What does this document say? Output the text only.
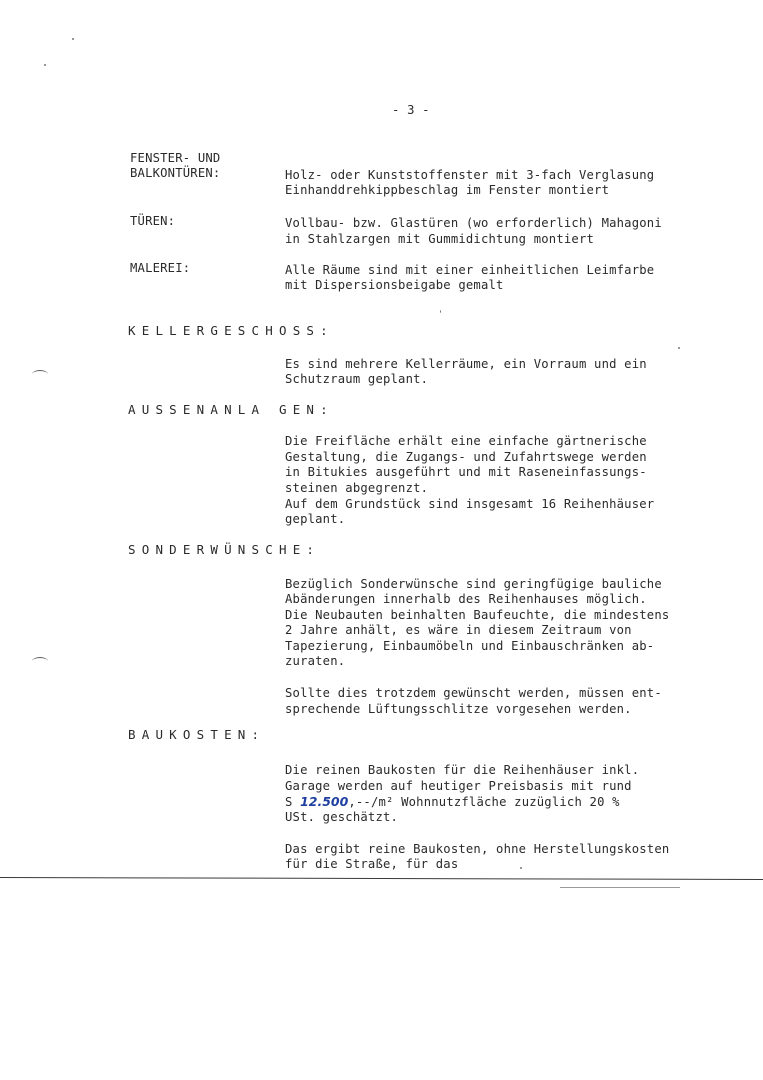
- 3 -
FENSTER- UND
BALKONTÜREN:	Holz- oder Kunststoffenster mit 3-fach Verglasung
Einhanddrehkippbeschlag im Fenster montiert
TÜREN:	Vollbau- bzw. Glastüren (wo erforderlich) Mahagoni
in Stahlzargen mit Gummidichtung montiert
MALEREI:	Alle Räume sind mit einer einheitlichen Leimfarbe
mit Dispersionsbeigabe gemalt
KELLERGESCHOSS:
Es sind mehrere Kellerräume, ein Vorraum und ein
Schutzraum geplant.
AUSSENANLA GEN:
Die Freifläche erhält eine einfache gärtnerische
Gestaltung, die Zugangs- und Zufahrtswege werden
in Bitukies ausgeführt und mit Raseneinfassungs-
steinen abgegrenzt.
Auf dem Grundstück sind insgesamt 16 Reihenhäuser
geplant.
SONDERWÜNSCHE:
Bezüglich Sonderwünsche sind geringfügige bauliche
Abänderungen innerhalb des Reihenhauses möglich.
Die Neubauten beinhalten Baufeuchte, die mindestens
2 Jahre anhält, es wäre in diesem Zeitraum von
Tapezierung, Einbaumöbeln und Einbauschränken ab-
zuraten.
Sollte dies trotzdem gewünscht werden, müssen ent-
sprechende Lüftungsschlitze vorgesehen werden.
BAUKOSTEN:
Die reinen Baukosten für die Reihenhäuser inkl.
Garage werden auf heutiger Preisbasis mit rund
S 12.500,--/m² Wohnnutzfläche zuzüglich 20 %
USt. geschätzt.
Das ergibt reine Baukosten, ohne Herstellungskosten
für die Straße, für das
